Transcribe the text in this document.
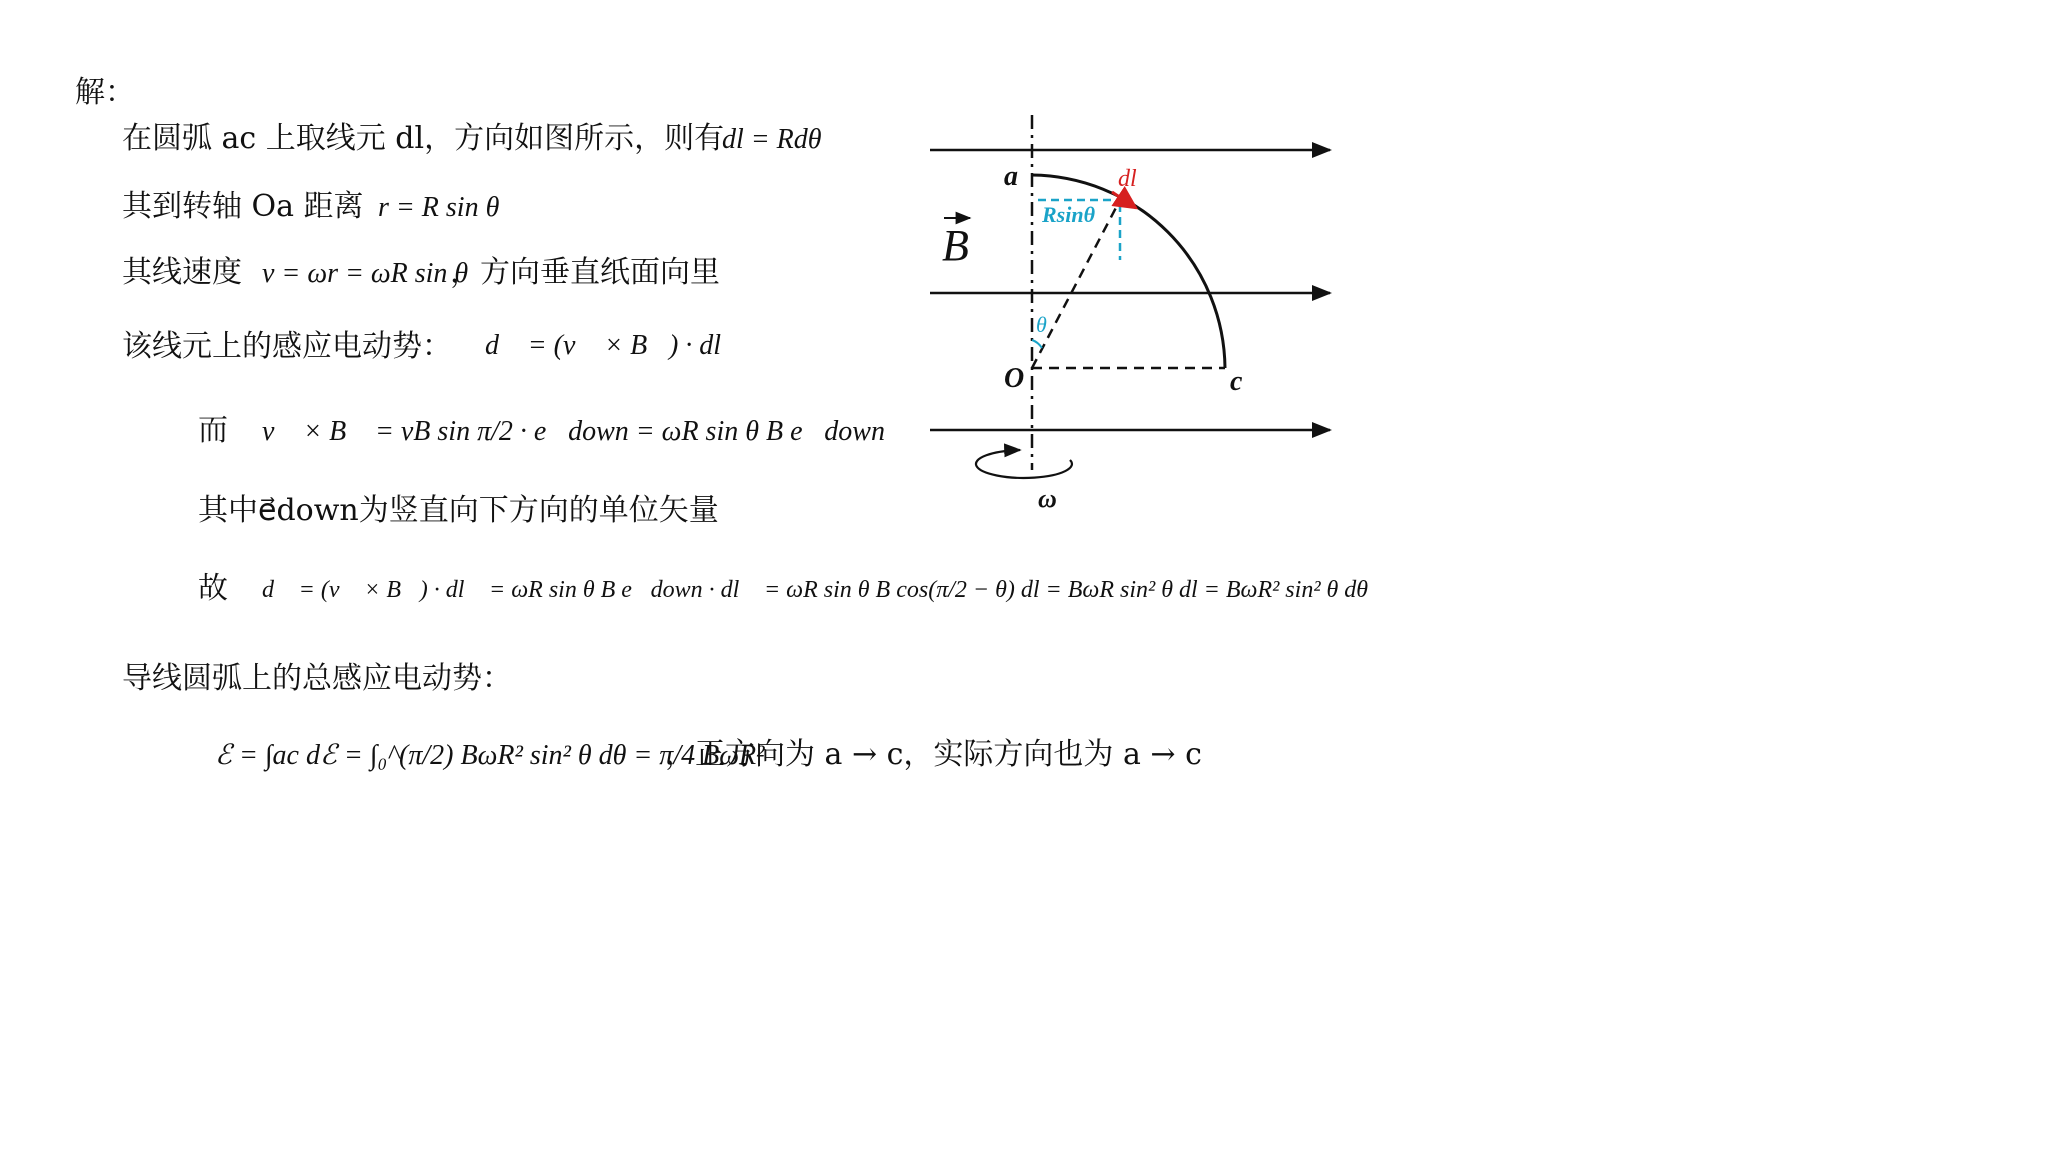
解：
在圆弧 ac 上取线元 dl，方向如图所示，则有
dl = Rdθ
其到转轴 Oa 距离 r = R sin θ
其线速度 v = ωr = ωR sin θ
，方向垂直纸面向里
该线元上的感应电动势： dℰ = (v⃗ × B⃗) · dl⃗
而 v⃗ × B⃗ = vB sin π/2 · e⃗down = ωR sin θ B e⃗down
其中e⃗down为竖直向下方向的单位矢量
故 dℰ = (v⃗ × B⃗) · dl⃗ = ωR sin θ B e⃗down · dl⃗ = ωR sin θ B cos(π/2 − θ) dl = BωR sin² θ dl = BωR² sin² θ dθ
导线圆弧上的总感应电动势：
ℰ = ∫ac dℰ = ∫₀^(π/2) BωR² sin² θ dθ = π/4 BωR²
，正方向为 a → c，实际方向也为 a → c
B
a
O	c
ω
dl
Rsinθ
θ
